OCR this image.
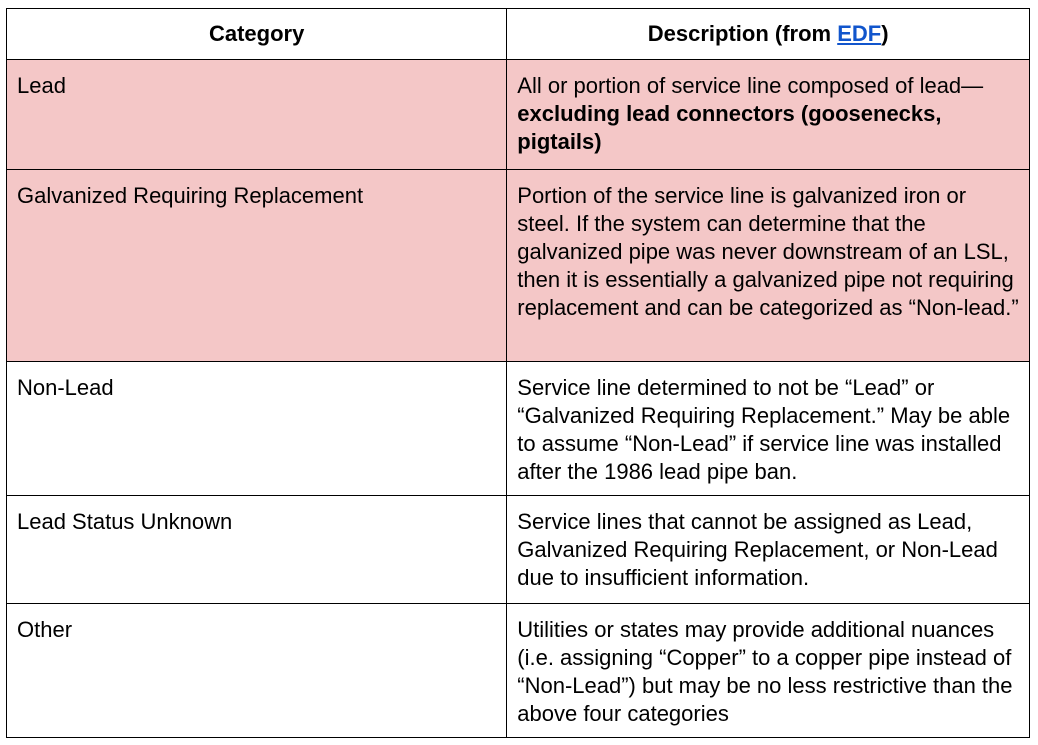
Category	Description (from EDF)
Lead	All or portion of service line composed of lead—excluding lead connectors (goosenecks, pigtails)
Galvanized Requiring Replacement	Portion of the service line is galvanized iron or steel. If the system can determine that the galvanized pipe was never downstream of an LSL, then it is essentially a galvanized pipe not requiring replacement and can be categorized as “Non-lead.”
Non-Lead	Service line determined to not be “Lead” or “Galvanized Requiring Replacement.” May be able to assume “Non-Lead” if service line was installed after the 1986 lead pipe ban.
Lead Status Unknown	Service lines that cannot be assigned as Lead, Galvanized Requiring Replacement, or Non-Lead due to insufficient information.
Other	Utilities or states may provide additional nuances (i.e. assigning “Copper” to a copper pipe instead of “Non-Lead”) but may be no less restrictive than the above four categories
